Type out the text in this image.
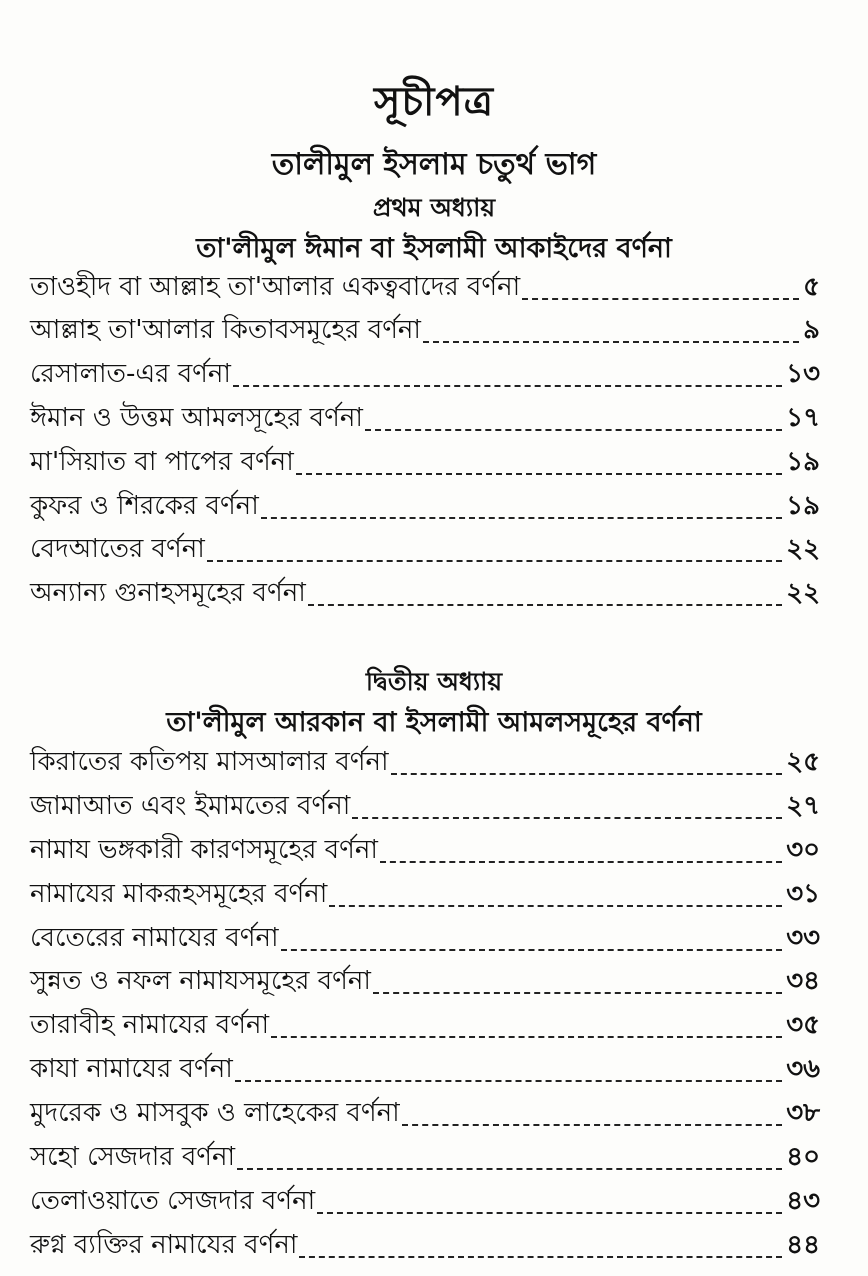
সূচীপত্র
তালীমুল ইসলাম চতুর্থ ভাগ
প্রথম অধ্যায়
তা'লীমুল ঈমান বা ইসলামী আকাইদের বর্ণনা
তাওহীদ বা আল্লাহ তা'আলার একত্ববাদের বর্ণনা	৫
আল্লাহ তা'আলার কিতাবসমূহের বর্ণনা	৯
রেসালাত-এর বর্ণনা	১৩
ঈমান ও উত্তম আমলসূহের বর্ণনা	১৭
মা'সিয়াত বা পাপের বর্ণনা	১৯
কুফর ও শিরকের বর্ণনা	১৯
বেদআতের বর্ণনা	২২
অন্যান্য গুনাহসমূহের বর্ণনা	২২
দ্বিতীয় অধ্যায়
তা'লীমুল আরকান বা ইসলামী আমলসমূহের বর্ণনা
কিরাতের কতিপয় মাসআলার বর্ণনা	২৫
জামাআত এবং ইমামতের বর্ণনা	২৭
নামায ভঙ্গকারী কারণসমূহের বর্ণনা	৩০
নামাযের মাকরূহসমূহের বর্ণনা	৩১
বেতেরের নামাযের বর্ণনা	৩৩
সুন্নত ও নফল নামাযসমূহের বর্ণনা	৩৪
তারাবীহ নামাযের বর্ণনা	৩৫
কাযা নামাযের বর্ণনা	৩৬
মুদরেক ও মাসবুক ও লাহেকের বর্ণনা	৩৮
সহো সেজদার বর্ণনা	৪০
তেলাওয়াতে সেজদার বর্ণনা	৪৩
রুগ্ন ব্যক্তির নামাযের বর্ণনা	৪৪
